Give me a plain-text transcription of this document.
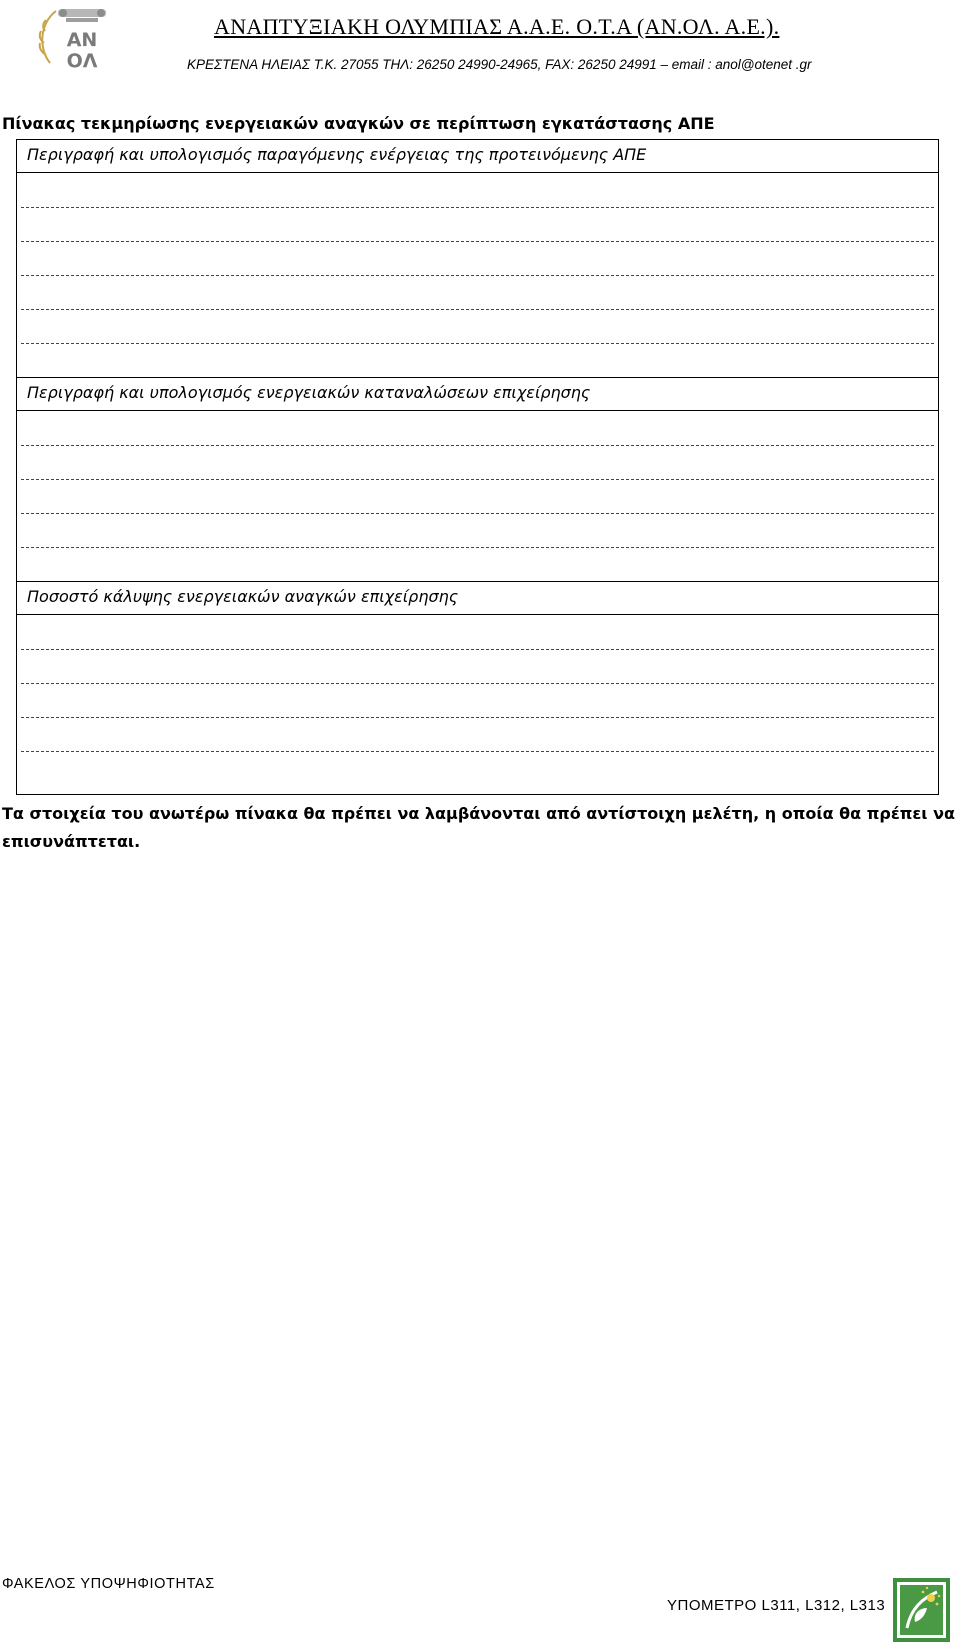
ΑΝ
ΟΛ
ΑΝΑΠΤΥΞΙΑΚΗ ΟΛΥΜΠΙΑΣ Α.Α.Ε. Ο.Τ.Α (ΑΝ.ΟΛ. Α.Ε.).
ΚΡΕΣΤΕΝΑ ΗΛΕΙΑΣ Τ.Κ. 27055 ΤΗΛ: 26250 24990-24965, FAX: 26250 24991 – email : anol@otenet .gr
Πίνακας τεκμηρίωσης ενεργειακών αναγκών σε περίπτωση εγκατάστασης ΑΠΕ
Περιγραφή και υπολογισμός παραγόμενης ενέργειας της προτεινόμενης ΑΠΕ
Περιγραφή και υπολογισμός ενεργειακών καταναλώσεων επιχείρησης
Ποσοστό κάλυψης ενεργειακών αναγκών επιχείρησης
Τα στοιχεία του ανωτέρω πίνακα θα πρέπει να λαμβάνονται από αντίστοιχη μελέτη, η οποία θα πρέπει να επισυνάπτεται.
ΦΑΚΕΛΟΣ ΥΠΟΨΗΦΙΟΤΗΤΑΣ
ΥΠΟΜΕΤΡΟ L311, L312, L313
